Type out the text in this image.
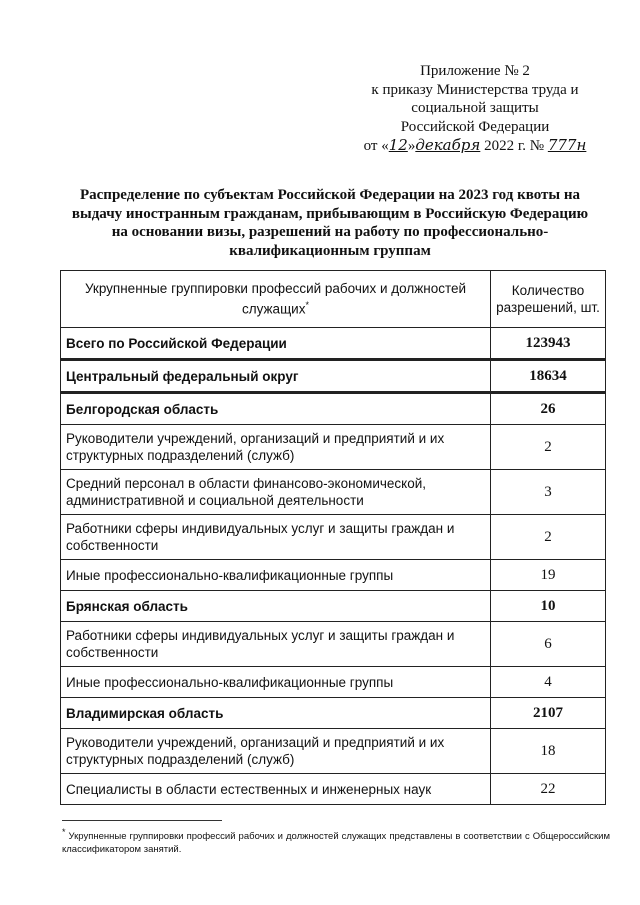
Приложение № 2
к приказу Министерства труда и
социальной защиты
Российской Федерации
от «12»декабря 2022 г. № 777н
Распределение по субъектам Российской Федерации на 2023 год квоты на выдачу иностранным гражданам, прибывающим в Российскую Федерацию на основании визы, разрешений на работу по профессионально-квалификационным группам
Укрупненные группировки профессий рабочих и должностей служащих*	Количество разрешений, шт.
Всего по Российской Федерации	123943
Центральный федеральный округ	18634
Белгородская область	26
Руководители учреждений, организаций и предприятий и их структурных подразделений (служб)	2
Средний персонал в области финансово-экономической, административной и социальной деятельности	3
Работники сферы индивидуальных услуг и защиты граждан и собственности	2
Иные профессионально-квалификационные группы	19
Брянская область	10
Работники сферы индивидуальных услуг и защиты граждан и собственности	6
Иные профессионально-квалификационные группы	4
Владимирская область	2107
Руководители учреждений, организаций и предприятий и их структурных подразделений (служб)	18
Специалисты в области естественных и инженерных наук	22
* Укрупненные группировки профессий рабочих и должностей служащих представлены в соответствии с Общероссийским классификатором занятий.
